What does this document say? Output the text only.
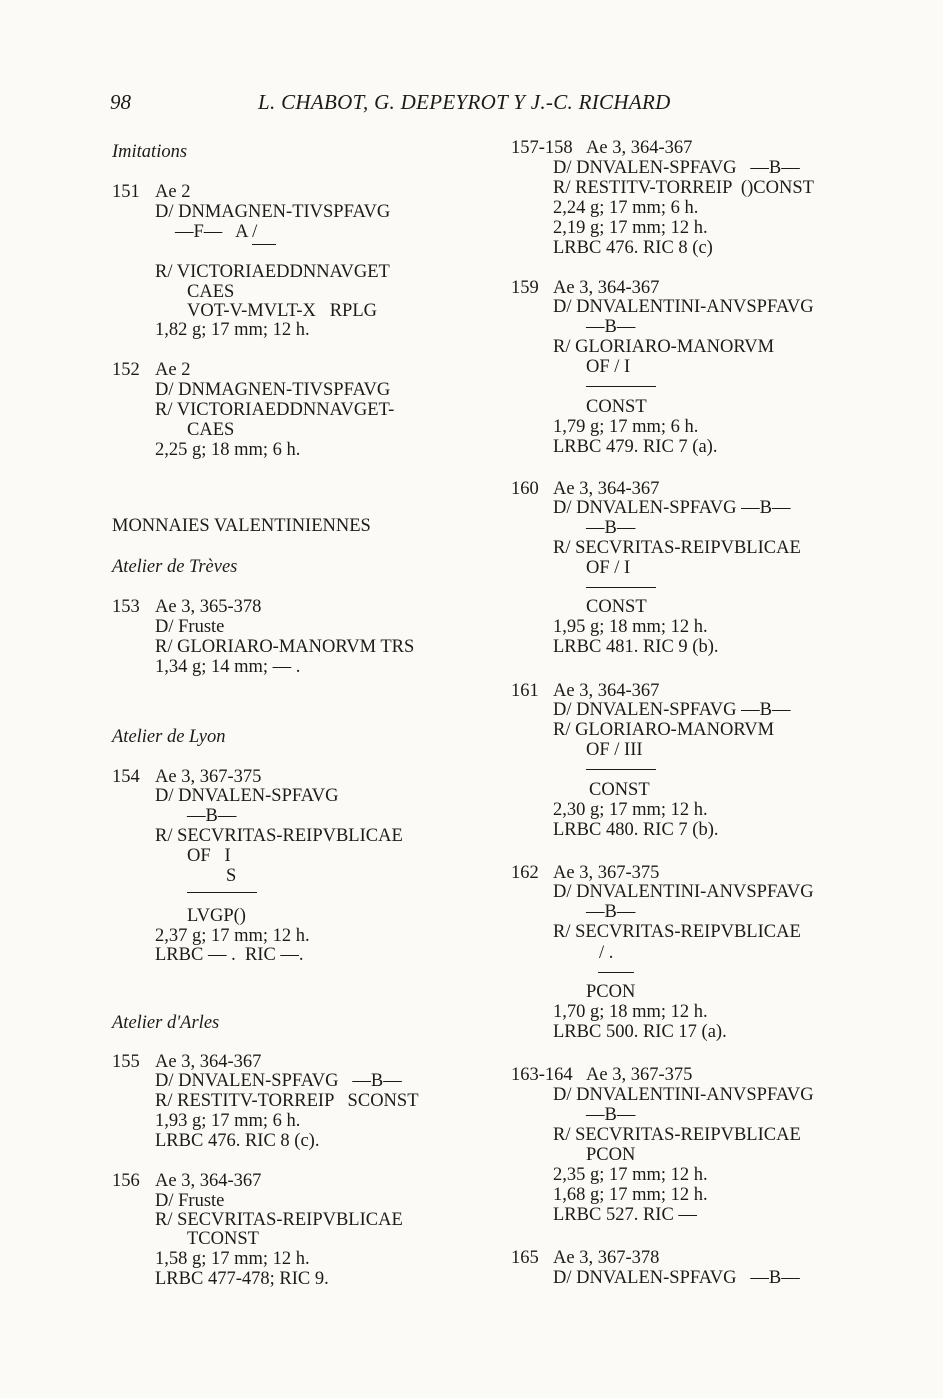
98	L. CHABOT, G. DEPEYROT Y J.-C. RICHARD
Imitations
151 Ae 2
D/ DNMAGNEN-TIVSPFAVG
—F—   A /
R/ VICTORIAEDDNNAVGET
CAES
VOT-V-MVLT-X   RPLG
1,82 g; 17 mm; 12 h.
152 Ae 2
D/ DNMAGNEN-TIVSPFAVG
R/ VICTORIAEDDNNAVGET-
CAES
2,25 g; 18 mm; 6 h.
MONNAIES VALENTINIENNES
Atelier de Trèves
153 Ae 3, 365-378
D/ Fruste
R/ GLORIARO-MANORVM TRS
1,34 g; 14 mm; — .
Atelier de Lyon
154 Ae 3, 367-375
D/ DNVALEN-SPFAVG
—B—
R/ SECVRITAS-REIPVBLICAE
OF   I
S
LVGP()
2,37 g; 17 mm; 12 h.
LRBC — .  RIC —.
Atelier d'Arles
155 Ae 3, 364-367
D/ DNVALEN-SPFAVG   —B—
R/ RESTITV-TORREIP   SCONST
1,93 g; 17 mm; 6 h.
LRBC 476. RIC 8 (c).
156 Ae 3, 364-367
D/ Fruste
R/ SECVRITAS-REIPVBLICAE
TCONST
1,58 g; 17 mm; 12 h.
LRBC 477-478; RIC 9.
157-158 Ae 3, 364-367
D/ DNVALEN-SPFAVG   —B—
R/ RESTITV-TORREIP  ()CONST
2,24 g; 17 mm; 6 h.
2,19 g; 17 mm; 12 h.
LRBC 476. RIC 8 (c)
159 Ae 3, 364-367
D/ DNVALENTINI-ANVSPFAVG
—B—
R/ GLORIARO-MANORVM
OF / I
CONST
1,79 g; 17 mm; 6 h.
LRBC 479. RIC 7 (a).
160 Ae 3, 364-367
D/ DNVALEN-SPFAVG —B—
—B—
R/ SECVRITAS-REIPVBLICAE
OF / I
CONST
1,95 g; 18 mm; 12 h.
LRBC 481. RIC 9 (b).
161 Ae 3, 364-367
D/ DNVALEN-SPFAVG —B—
R/ GLORIARO-MANORVM
OF / III
CONST
2,30 g; 17 mm; 12 h.
LRBC 480. RIC 7 (b).
162 Ae 3, 367-375
D/ DNVALENTINI-ANVSPFAVG
—B—
R/ SECVRITAS-REIPVBLICAE
/ .
PCON
1,70 g; 18 mm; 12 h.
LRBC 500. RIC 17 (a).
163-164 Ae 3, 367-375
D/ DNVALENTINI-ANVSPFAVG
—B—
R/ SECVRITAS-REIPVBLICAE
PCON
2,35 g; 17 mm; 12 h.
1,68 g; 17 mm; 12 h.
LRBC 527. RIC —
165 Ae 3, 367-378
D/ DNVALEN-SPFAVG   —B—
